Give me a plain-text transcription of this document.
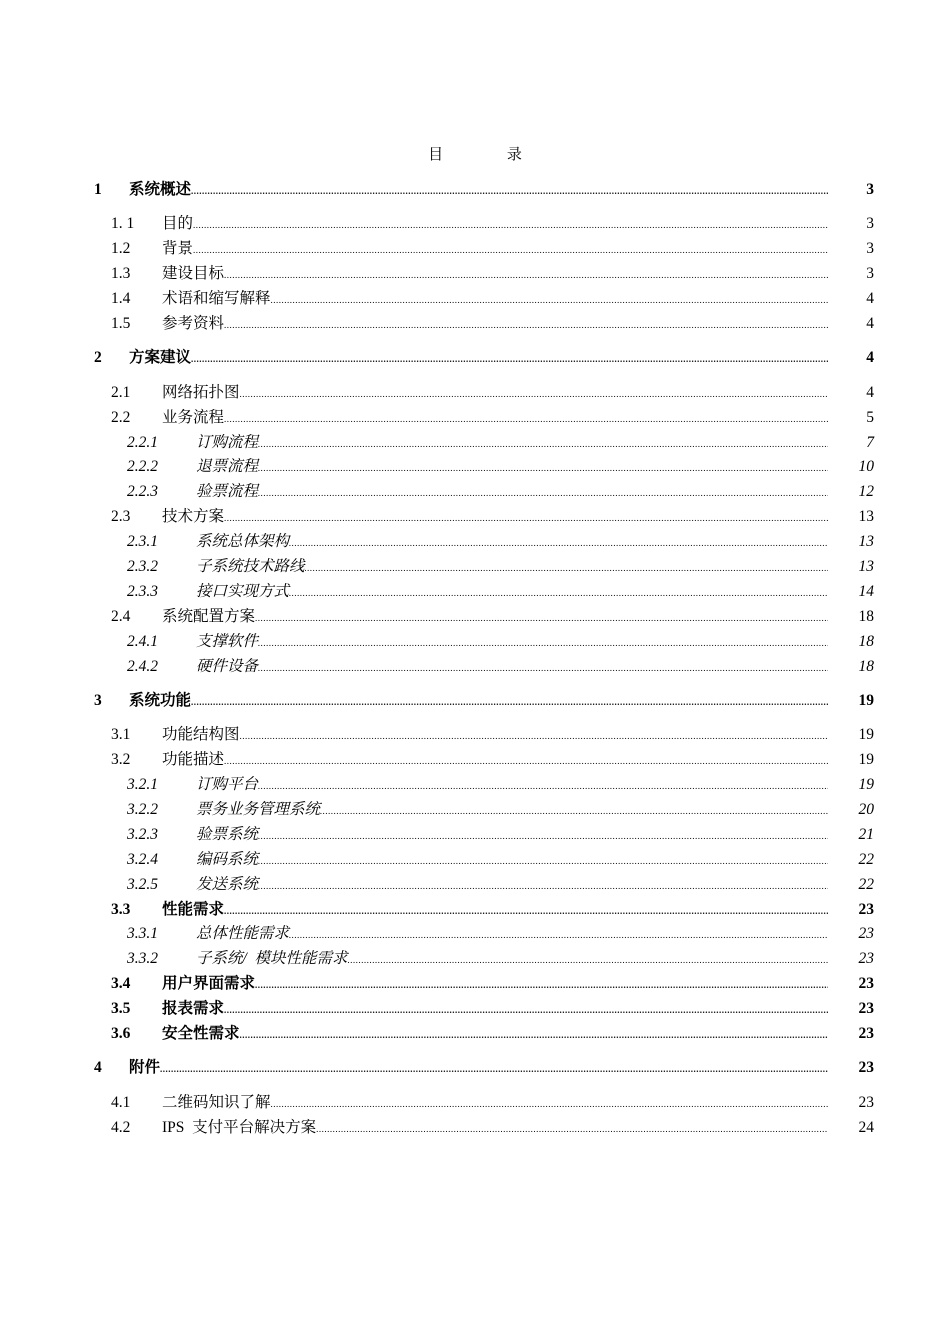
目 录
1	系统概述 .....	3
1. 1	目的 .....	3
1.2	背景 .....	3
1.3	建设目标 .....	3
1.4	术语和缩写解释 .....	4
1.5	参考资料 .....	4
2	方案建议 .....	4
2.1	网络拓扑图 .....	4
2.2	业务流程 .....	5
2.2.1	订购流程 .....	7
2.2.2	退票流程 .....	10
2.2.3	验票流程 .....	12
2.3	技术方案 .....	13
2.3.1	系统总体架构 .....	13
2.3.2	子系统技术路线 .....	13
2.3.3	接口实现方式 .....	14
2.4	系统配置方案 .....	18
2.4.1	支撑软件 .....	18
2.4.2	硬件设备 .....	18
3	系统功能 .....	19
3.1	功能结构图 .....	19
3.2	功能描述 .....	19
3.2.1	订购平台 .....	19
3.2.2	票务业务管理系统 .....	20
3.2.3	验票系统 .....	21
3.2.4	编码系统 .....	22
3.2.5	发送系统 .....	22
3.3	性能需求 .....	23
3.3.1	总体性能需求 .....	23
3.3.2	子系统/  模块性能需求 .....	23
3.4	用户界面需求 .....	23
3.5	报表需求 .....	23
3.6	安全性需求 .....	23
4	附件 .....	23
4.1	二维码知识了解 .....	23
4.2	IPS  支付平台解决方案 .....	24
